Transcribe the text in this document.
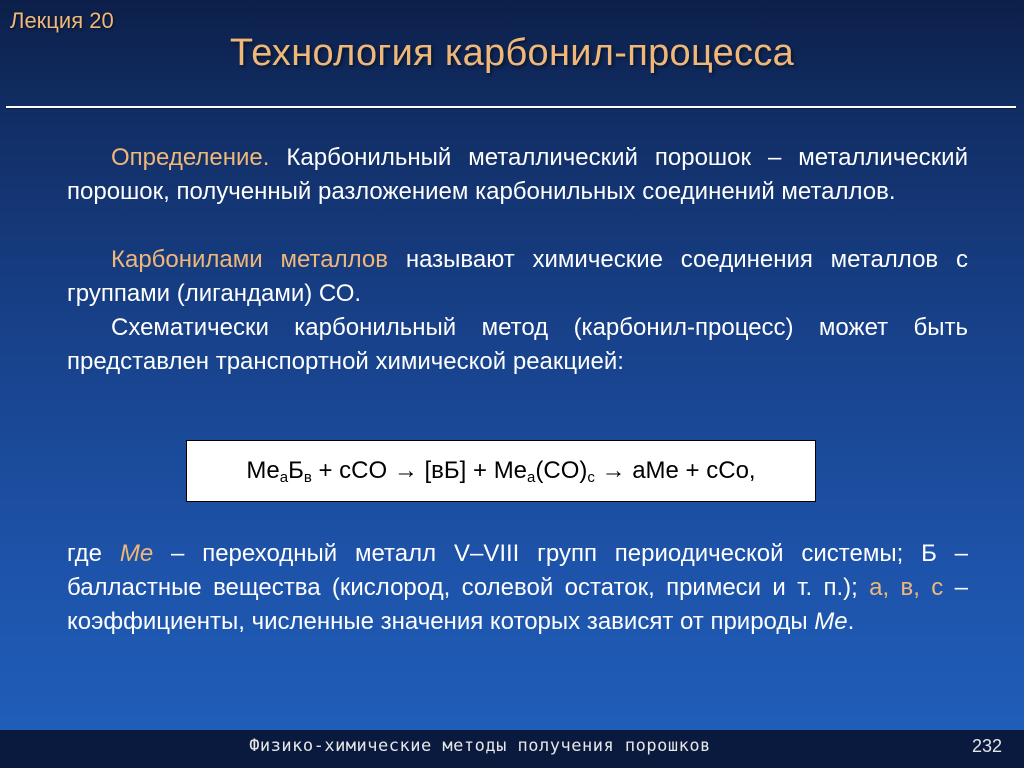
Лекция 20
Технология карбонил-процесса

Определение. Карбонильный металлический порошок – металлический порошок, полученный разложением карбонильных соединений металлов.

Карбонилами металлов называют химические соединения металлов с группами (лигандами) СО.

Схематически карбонильный метод (карбонил-процесс) может быть представлен транспортной химической реакцией:

$Me_aБ_в$ + cCO → $[вБ] + Me_a(CO)_c$ → aMe + cCo,

где Ме – переходный металл V–VIII групп периодической системы; Б – балластные вещества (кислород, солевой остаток, примеси и т. п.); а, в, с – коэффициенты, численные значения которых зависят от природы Ме.

Физико-химические методы получения порошков	232
